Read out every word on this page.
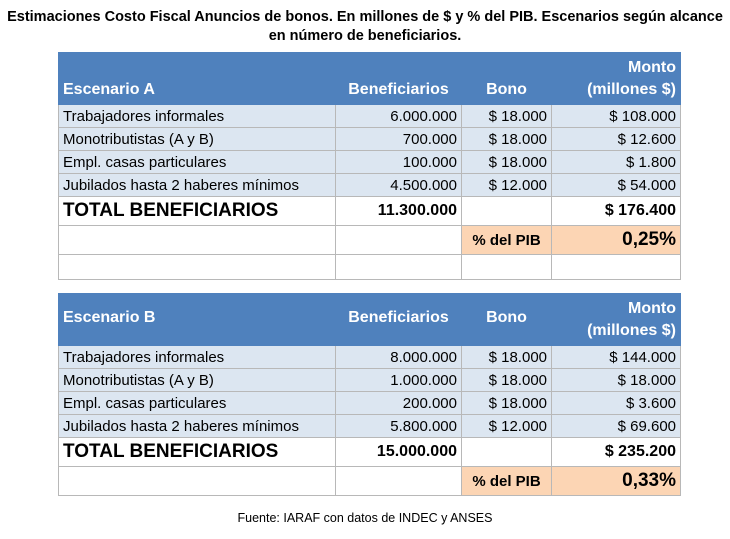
Estimaciones Costo Fiscal Anuncios de bonos. En millones de $ y % del PIB. Escenarios según alcance en número de beneficiarios.
Escenario A	Beneficiarios	Bono	Monto
(millones $)
Trabajadores informales	6.000.000	$ 18.000	$ 108.000
Monotributistas (A y B)	700.000	$ 18.000	$ 12.600
Empl. casas particulares	100.000	$ 18.000	$ 1.800
Jubilados hasta 2 haberes mínimos	4.500.000	$ 12.000	$ 54.000
TOTAL BENEFICIARIOS	11.300.000		$ 176.400
		% del PIB	0,25%

Escenario B	Beneficiarios	Bono	Monto
(millones $)
Trabajadores informales	8.000.000	$ 18.000	$ 144.000
Monotributistas (A y B)	1.000.000	$ 18.000	$ 18.000
Empl. casas particulares	200.000	$ 18.000	$ 3.600
Jubilados hasta 2 haberes mínimos	5.800.000	$ 12.000	$ 69.600
TOTAL BENEFICIARIOS	15.000.000		$ 235.200
		% del PIB	0,33%
Fuente: IARAF con datos de INDEC y ANSES
